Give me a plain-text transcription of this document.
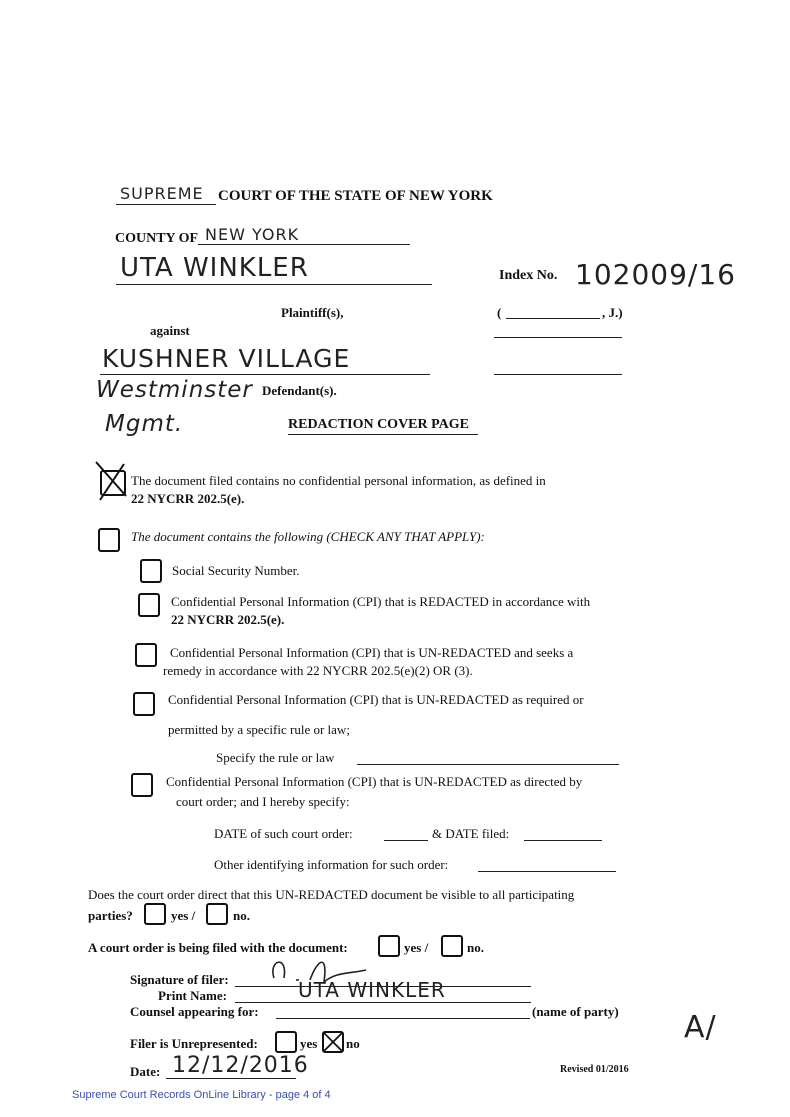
SUPREME COURT OF THE STATE OF NEW YORK
COUNTY OF NEW YORK
UTA WINKLER
Plaintiff(s),
against
Index No. 102009/16
(	, J.)
KUSHNER VILLAGE
Westminster Defendant(s).
Mgmt.	REDACTION COVER PAGE
The document filed contains no confidential personal information, as defined in
22 NYCRR 202.5(e).
The document contains the following (CHECK ANY THAT APPLY):
Social Security Number.
Confidential Personal Information (CPI) that is REDACTED in accordance with
22 NYCRR 202.5(e).
Confidential Personal Information (CPI) that is UN-REDACTED and seeks a
remedy in accordance with 22 NYCRR 202.5(e)(2) OR (3).
Confidential Personal Information (CPI) that is UN-REDACTED as required or
permitted by a specific rule or law;
Specify the rule or law
Confidential Personal Information (CPI) that is UN-REDACTED as directed by
court order; and I hereby specify:
DATE of such court order:	& DATE filed:
Other identifying information for such order:
Does the court order direct that this UN-REDACTED document be visible to all participating
parties?	yes /	no.
A court order is being filed with the document:	yes /	no.
Signature of filer:
Print Name:	UTA WINKLER
Counsel appearing for:	(name of party)
Filer is Unrepresented:	yes no
Date: 12/12/2016	Revised 01/2016
A/
Supreme Court Records OnLine Library - page 4 of 4
